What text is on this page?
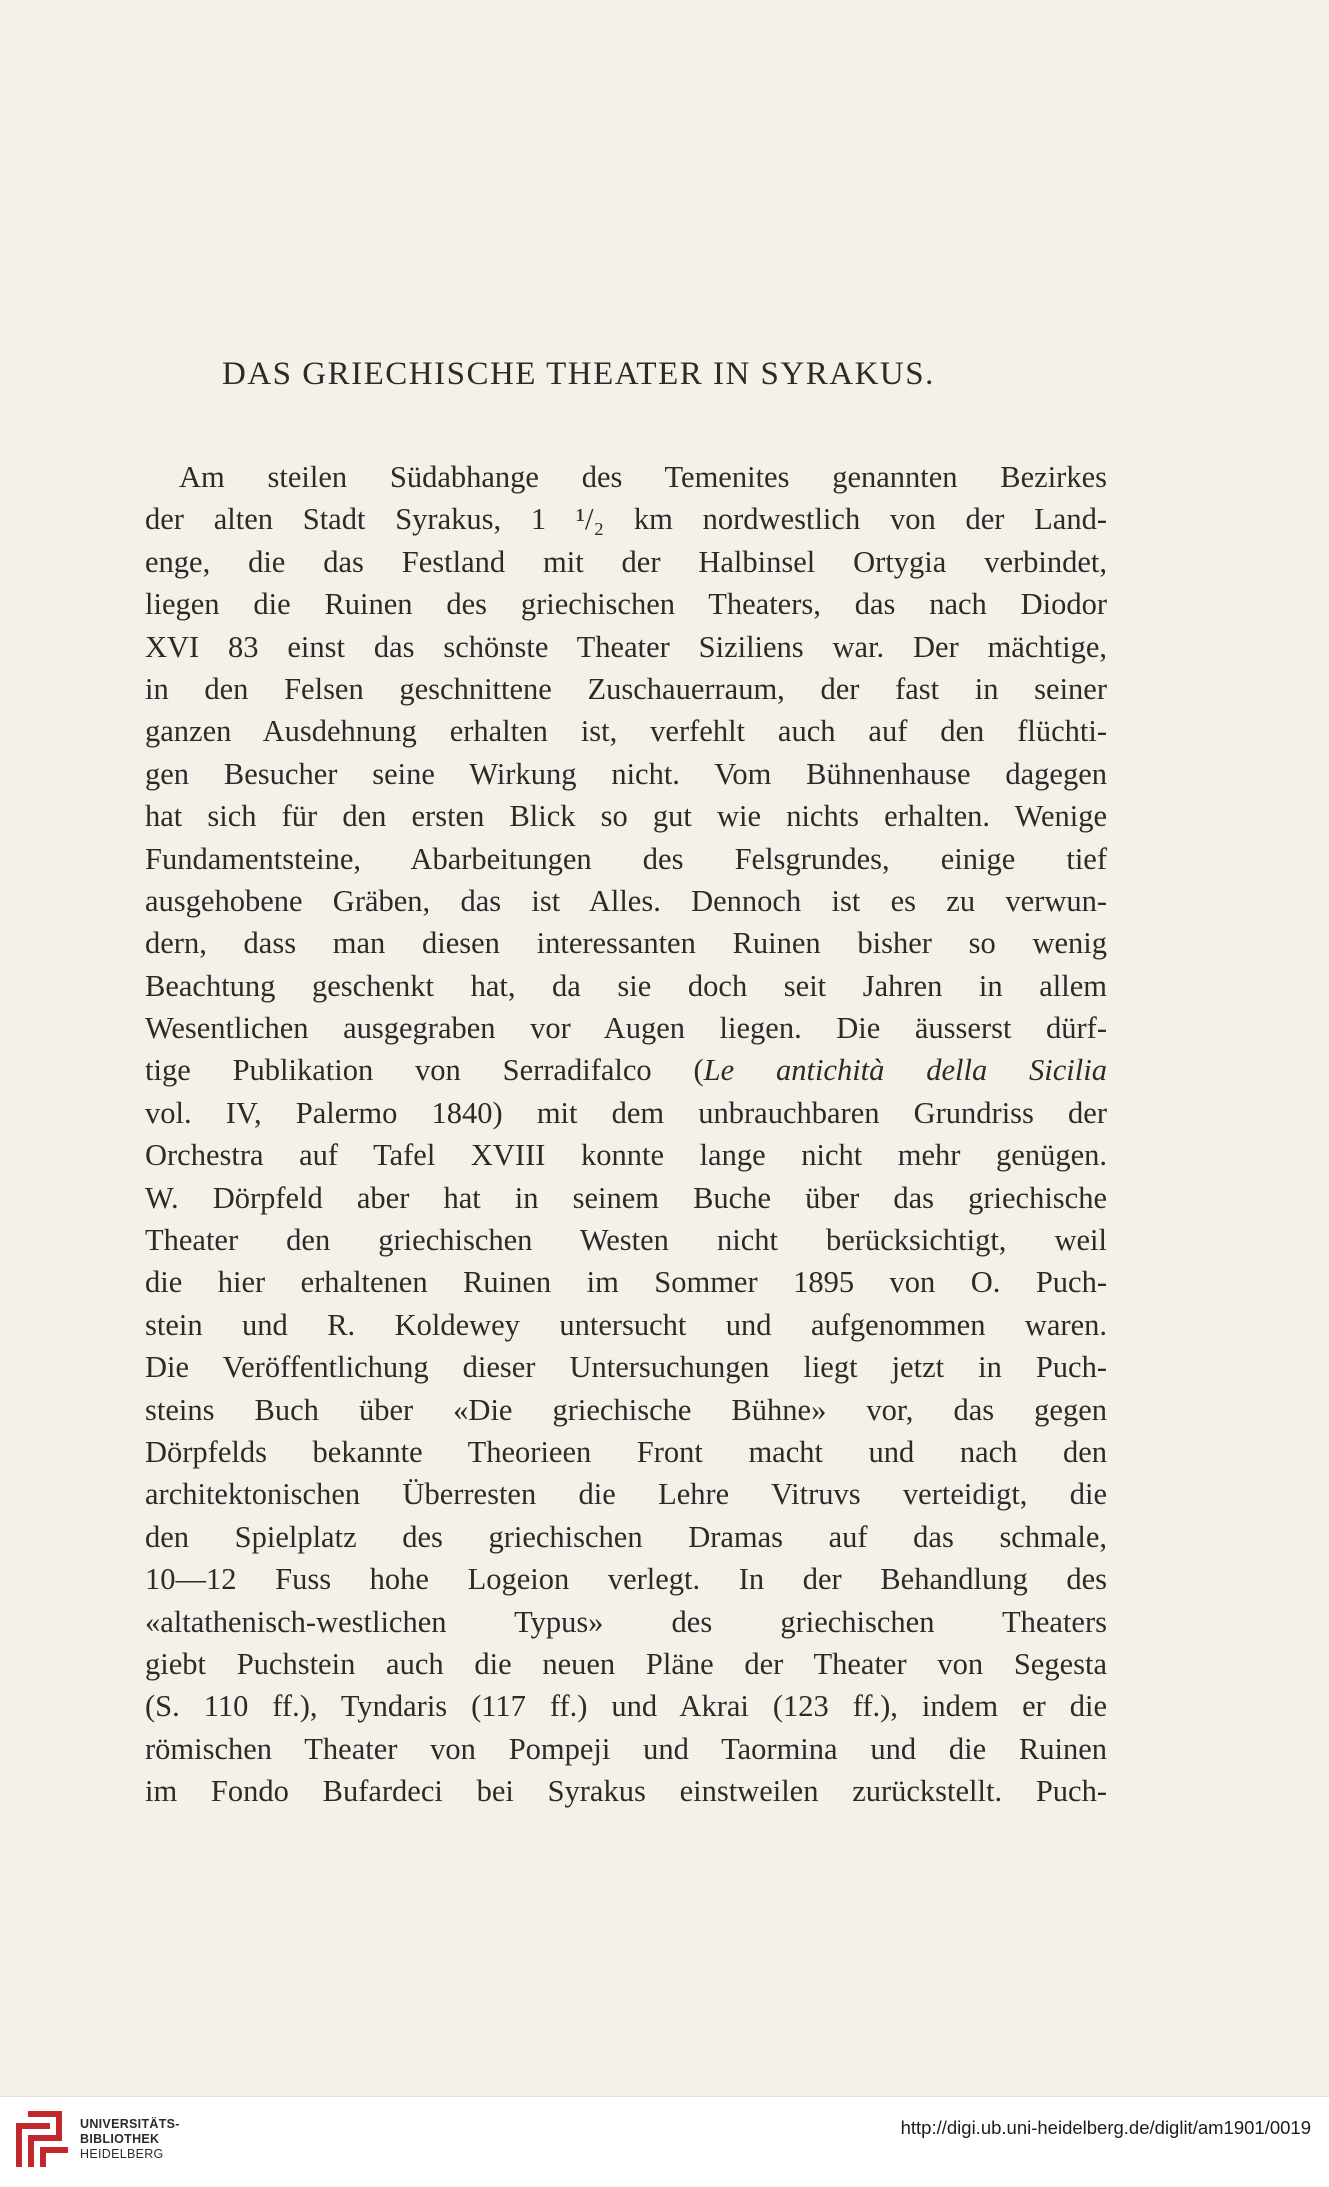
DAS GRIECHISCHE THEATER IN SYRAKUS.
Am steilen Südabhange des Temenites genannten Bezirkes
der alten Stadt Syrakus, 1 ¹/₂ km nordwestlich von der Land-
enge, die das Festland mit der Halbinsel Ortygia verbindet,
liegen die Ruinen des griechischen Theaters, das nach Diodor
XVI 83 einst das schönste Theater Siziliens war. Der mächtige,
in den Felsen geschnittene Zuschauerraum, der fast in seiner
ganzen Ausdehnung erhalten ist, verfehlt auch auf den flüchti-
gen Besucher seine Wirkung nicht. Vom Bühnenhause dagegen
hat sich für den ersten Blick so gut wie nichts erhalten. Wenige
Fundamentsteine, Abarbeitungen des Felsgrundes, einige tief
ausgehobene Gräben, das ist Alles. Dennoch ist es zu verwun-
dern, dass man diesen interessanten Ruinen bisher so wenig
Beachtung geschenkt hat, da sie doch seit Jahren in allem
Wesentlichen ausgegraben vor Augen liegen. Die äusserst dürf-
tige Publikation von Serradifalco (Le antichità della Sicilia
vol. IV, Palermo 1840) mit dem unbrauchbaren Grundriss der
Orchestra auf Tafel XVIII konnte lange nicht mehr genügen.
W. Dörpfeld aber hat in seinem Buche über das griechische
Theater den griechischen Westen nicht berücksichtigt, weil
die hier erhaltenen Ruinen im Sommer 1895 von O. Puch-
stein und R. Koldewey untersucht und aufgenommen waren.
Die Veröffentlichung dieser Untersuchungen liegt jetzt in Puch-
steins Buch über «Die griechische Bühne» vor, das gegen
Dörpfelds bekannte Theorieen Front macht und nach den
architektonischen Überresten die Lehre Vitruvs verteidigt, die
den Spielplatz des griechischen Dramas auf das schmale,
10—12 Fuss hohe Logeion verlegt. In der Behandlung des
«altathenisch-westlichen Typus» des griechischen Theaters
giebt Puchstein auch die neuen Pläne der Theater von Segesta
(S. 110 ff.), Tyndaris (117 ff.) und Akrai (123 ff.), indem er die
römischen Theater von Pompeji und Taormina und die Ruinen
im Fondo Bufardeci bei Syrakus einstweilen zurückstellt. Puch-
UNIVERSITÄTS-
BIBLIOTHEK
HEIDELBERG
http://digi.ub.uni-heidelberg.de/diglit/am1901/0019
